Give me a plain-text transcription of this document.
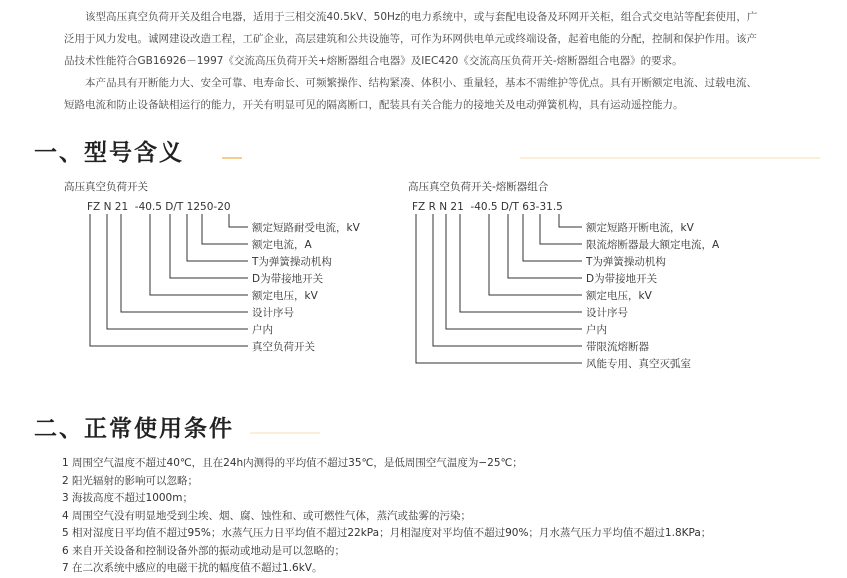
该型高压真空负荷开关及组合电器，适用于三相交流40.5kV、50Hz的电力系统中，或与套配电设备及环网开关柜，组合式交电站等配套使用，广泛用于风力发电。诚网建设改造工程，工矿企业，高层建筑和公共设施等，可作为环网供电单元或终端设备，起着电能的分配，控制和保护作用。该产品技术性能符合GB16926－1997《交流高压负荷开关+熔断器组合电器》及IEC420《交流高压负荷开关-熔断器组合电器》的要求。

本产品具有开断能力大、安全可靠、电寿命长、可频繁操作、结构紧凑、体积小、重量轻，基本不需维护等优点。具有开断额定电流、过载电流、短路电流和防止设备缺相运行的能力，开关有明显可见的隔离断口，配装具有关合能力的接地关及电动弹簧机构，具有运动遥控能力。

一、型号含义
高压真空负荷开关
FZ N 21  -40.5 D/T 1250-20
额定短路耐受电流，kV
额定电流，A
T为弹簧操动机构
D为带接地开关
额定电压，kV
设计序号
户内
真空负荷开关
高压真空负荷开关-熔断器组合
FZ R N 21  -40.5 D/T 63-31.5
额定短路开断电流，kV
限流熔断器最大额定电流，A
T为弹簧操动机构
D为带接地开关
额定电压，kV
设计序号
户内
带限流熔断器
风能专用、真空灭弧室
二、正常使用条件
1 周围空气温度不超过40℃，且在24h内测得的平均值不超过35℃，是低周围空气温度为−25℃；
2 阳光辐射的影响可以忽略；
3 海拔高度不超过1000m；
4 周围空气没有明显地受到尘埃、烟、腐、蚀性和、或可燃性气体，蒸汽或盐雾的污染；
5 相对湿度日平均值不超过95%；水蒸气压力日平均值不超过22kPa；月相湿度对平均值不超过90%；月水蒸气压力平均值不超过1.8KPa；
6 来自开关设备和控制设备外部的振动或地动是可以忽略的；
7 在二次系统中感应的电磁干扰的幅度值不超过1.6kV。
